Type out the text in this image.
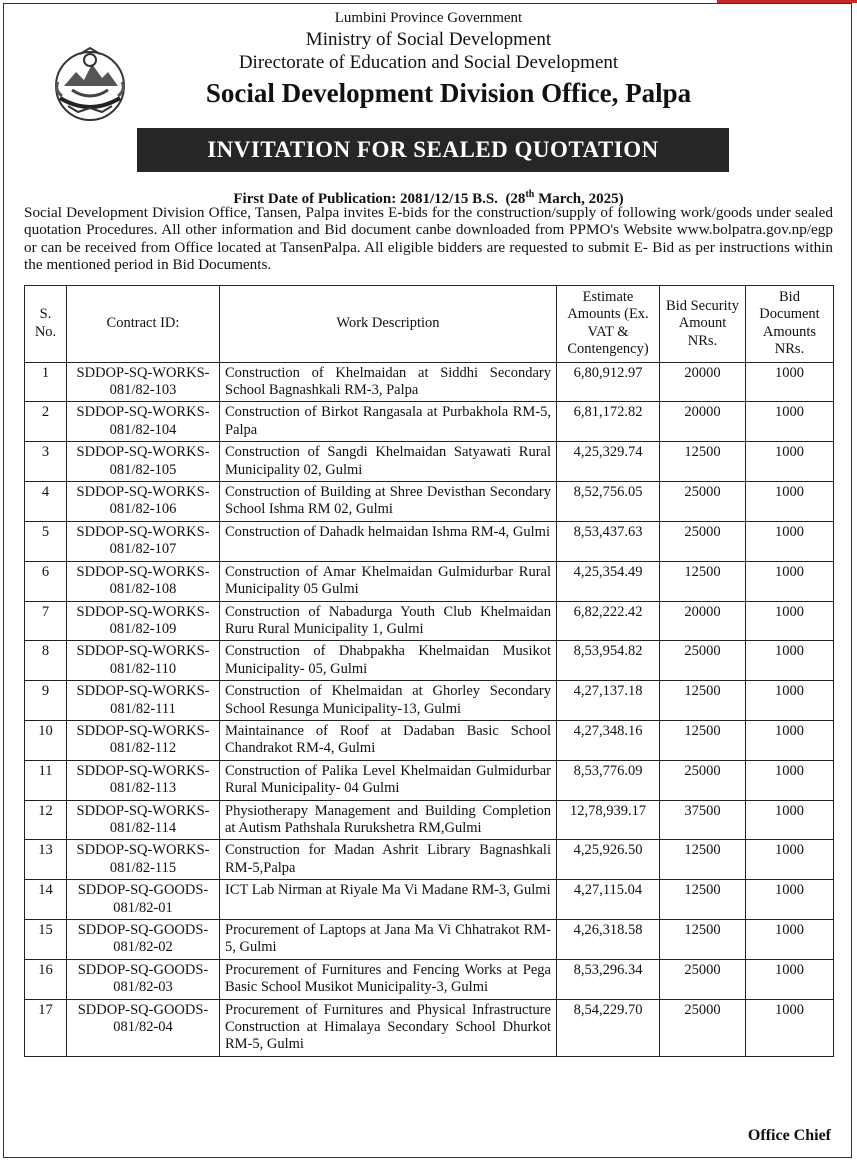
Lumbini Province Government
Ministry of Social Development
Directorate of Education and Social Development
Social Development Division Office, Palpa
INVITATION FOR SEALED QUOTATION
First Date of Publication: 2081/12/15 B.S. (28th March, 2025)
Social Development Division Office, Tansen, Palpa invites E-bids for the construction/supply of following work/goods under sealed quotation Procedures. All other information and Bid document canbe downloaded from PPMO's Website www.bolpatra.gov.np/egp or can be received from Office located at TansenPalpa. All eligible bidders are requested to submit E- Bid as per instructions within the mentioned period in Bid Documents.
S. No.	Contract ID:	Work Description	Estimate Amounts (Ex. VAT & Contengency)	Bid Security Amount NRs.	Bid Document Amounts NRs.
1	SDDOP-SQ-WORKS-081/82-103	Construction of Khelmaidan at Siddhi Secondary School Bagnashkali RM-3, Palpa	6,80,912.97	20000	1000
2	SDDOP-SQ-WORKS-081/82-104	Construction of Birkot Rangasala at Purbakhola RM-5, Palpa	6,81,172.82	20000	1000
3	SDDOP-SQ-WORKS-081/82-105	Construction of Sangdi Khelmaidan Satyawati Rural Municipality 02, Gulmi	4,25,329.74	12500	1000
4	SDDOP-SQ-WORKS-081/82-106	Construction of Building at Shree Devisthan Secondary School Ishma RM 02, Gulmi	8,52,756.05	25000	1000
5	SDDOP-SQ-WORKS-081/82-107	Construction of Dahadk helmaidan Ishma RM-4, Gulmi	8,53,437.63	25000	1000
6	SDDOP-SQ-WORKS-081/82-108	Construction of Amar Khelmaidan Gulmidurbar Rural Municipality 05 Gulmi	4,25,354.49	12500	1000
7	SDDOP-SQ-WORKS-081/82-109	Construction of Nabadurga Youth Club Khelmaidan Ruru Rural Municipality 1, Gulmi	6,82,222.42	20000	1000
8	SDDOP-SQ-WORKS-081/82-110	Construction of Dhabpakha Khelmaidan Musikot Municipality- 05, Gulmi	8,53,954.82	25000	1000
9	SDDOP-SQ-WORKS-081/82-111	Construction of Khelmaidan at Ghorley Secondary School Resunga Municipality-13, Gulmi	4,27,137.18	12500	1000
10	SDDOP-SQ-WORKS-081/82-112	Maintainance of Roof at Dadaban Basic School Chandrakot RM-4, Gulmi	4,27,348.16	12500	1000
11	SDDOP-SQ-WORKS-081/82-113	Construction of Palika Level Khelmaidan Gulmidurbar Rural Municipality- 04 Gulmi	8,53,776.09	25000	1000
12	SDDOP-SQ-WORKS-081/82-114	Physiotherapy Management and Building Completion at Autism Pathshala Rurukshetra RM,Gulmi	12,78,939.17	37500	1000
13	SDDOP-SQ-WORKS-081/82-115	Construction for Madan Ashrit Library Bagnashkali RM-5,Palpa	4,25,926.50	12500	1000
14	SDDOP-SQ-GOODS-081/82-01	ICT Lab Nirman at Riyale Ma Vi Madane RM-3, Gulmi	4,27,115.04	12500	1000
15	SDDOP-SQ-GOODS-081/82-02	Procurement of Laptops at Jana Ma Vi Chhatrakot RM-5, Gulmi	4,26,318.58	12500	1000
16	SDDOP-SQ-GOODS-081/82-03	Procurement of Furnitures and Fencing Works at Pega Basic School Musikot Municipality-3, Gulmi	8,53,296.34	25000	1000
17	SDDOP-SQ-GOODS-081/82-04	Procurement of Furnitures and Physical Infrastructure Construction at Himalaya Secondary School Dhurkot RM-5, Gulmi	8,54,229.70	25000	1000
Office Chief
